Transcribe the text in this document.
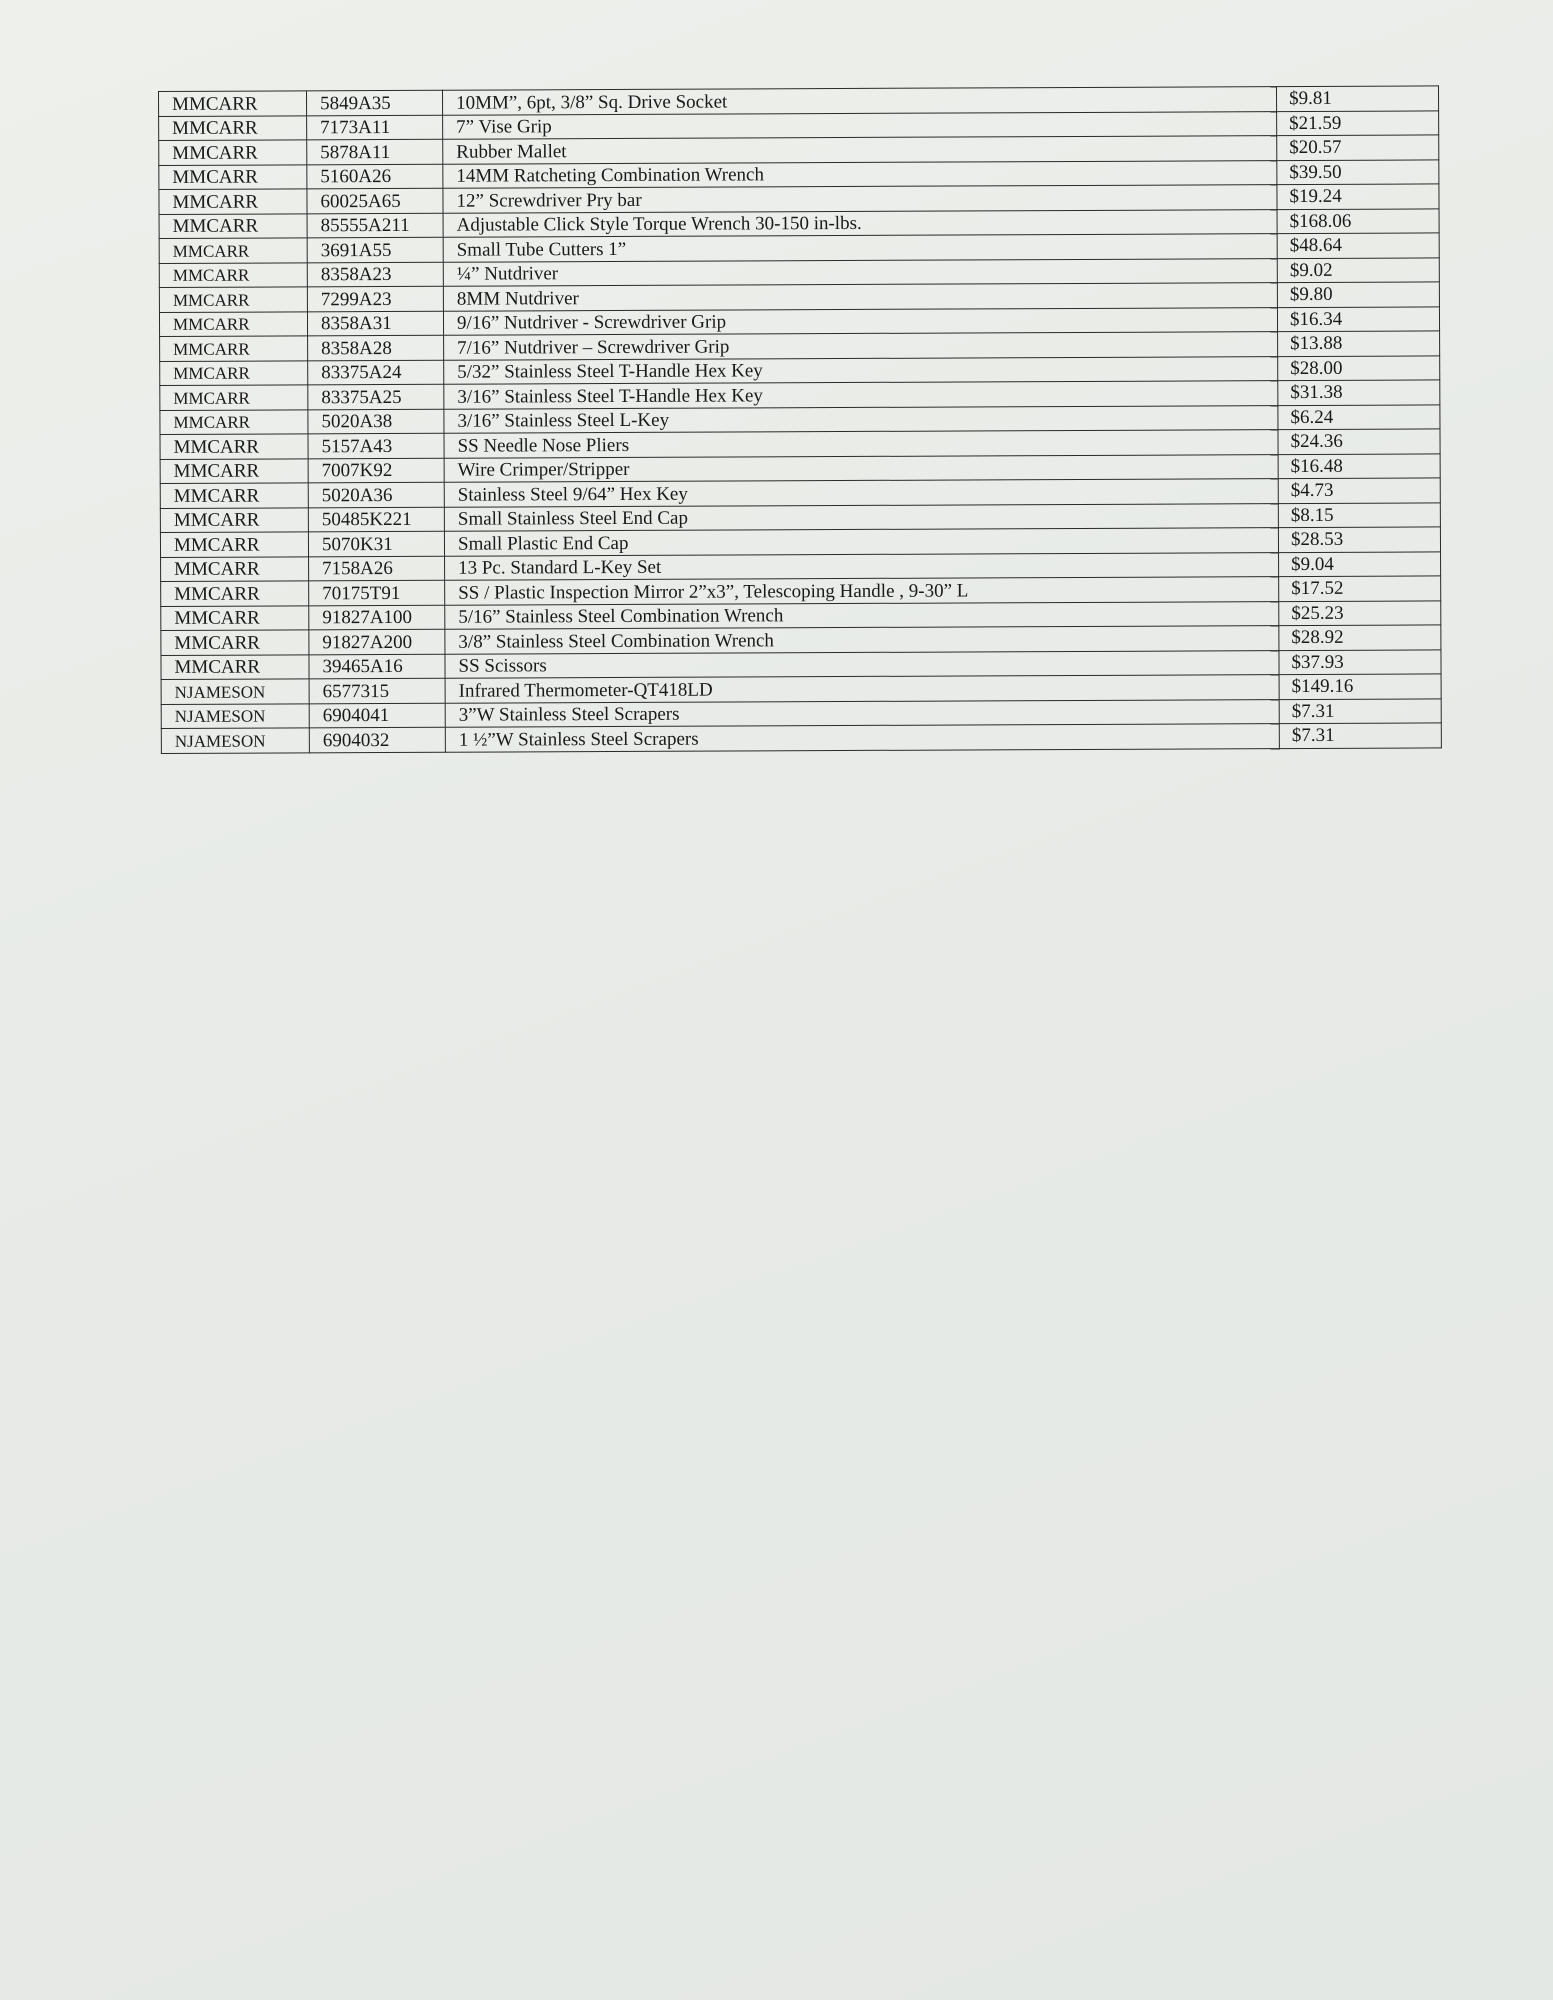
MMCARR	5849A35	10MM”, 6pt, 3/8” Sq. Drive Socket	$9.81
MMCARR	7173A11	7” Vise Grip	$21.59
MMCARR	5878A11	Rubber Mallet	$20.57
MMCARR	5160A26	14MM Ratcheting Combination Wrench	$39.50
MMCARR	60025A65	12” Screwdriver Pry bar	$19.24
MMCARR	85555A211	Adjustable Click Style Torque Wrench 30-150 in-lbs.	$168.06
MMCARR	3691A55	Small Tube Cutters 1”	$48.64
MMCARR	8358A23	¼” Nutdriver	$9.02
MMCARR	7299A23	8MM Nutdriver	$9.80
MMCARR	8358A31	9/16” Nutdriver - Screwdriver Grip	$16.34
MMCARR	8358A28	7/16” Nutdriver – Screwdriver Grip	$13.88
MMCARR	83375A24	5/32” Stainless Steel T-Handle Hex Key	$28.00
MMCARR	83375A25	3/16” Stainless Steel T-Handle Hex Key	$31.38
MMCARR	5020A38	3/16” Stainless Steel L-Key	$6.24
MMCARR	5157A43	SS Needle Nose Pliers	$24.36
MMCARR	7007K92	Wire Crimper/Stripper	$16.48
MMCARR	5020A36	Stainless Steel 9/64” Hex Key	$4.73
MMCARR	50485K221	Small Stainless Steel End Cap	$8.15
MMCARR	5070K31	Small Plastic End Cap	$28.53
MMCARR	7158A26	13 Pc. Standard L-Key Set	$9.04
MMCARR	70175T91	SS / Plastic Inspection Mirror 2”x3”, Telescoping Handle , 9-30” L	$17.52
MMCARR	91827A100	5/16” Stainless Steel Combination Wrench	$25.23
MMCARR	91827A200	3/8” Stainless Steel Combination Wrench	$28.92
MMCARR	39465A16	SS Scissors	$37.93
NJAMESON	6577315	Infrared Thermometer-QT418LD	$149.16
NJAMESON	6904041	3”W Stainless Steel Scrapers	$7.31
NJAMESON	6904032	1 ½”W Stainless Steel Scrapers	$7.31
